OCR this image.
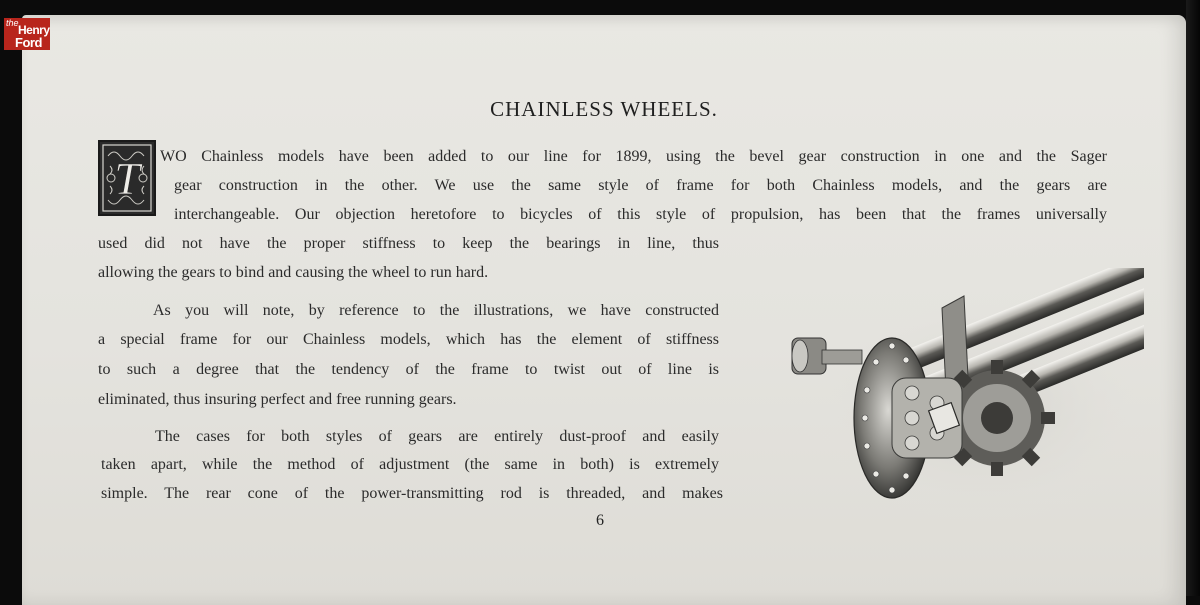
the Henry
Ford
CHAINLESS WHEELS.
T WO Chainless models have been added to our line for 1899, using the bevel gear construction in one and the Sager
gear construction in the other. We use the same style of frame for both Chainless models, and the gears are
interchangeable. Our objection heretofore to bicycles of this style of propulsion, has been that the frames universally
used did not have the proper stiffness to keep the bearings in line, thus
allowing the gears to bind and causing the wheel to run hard.
As you will note, by reference to the illustrations, we have constructed
a special frame for our Chainless models, which has the element of stiffness
to such a degree that the tendency of the frame to twist out of line is
eliminated, thus insuring perfect and free running gears.
The cases for both styles of gears are entirely dust-proof and easily
taken apart, while the method of adjustment (the same in both) is extremely
simple. The rear cone of the power-transmitting rod is threaded, and makes
6
